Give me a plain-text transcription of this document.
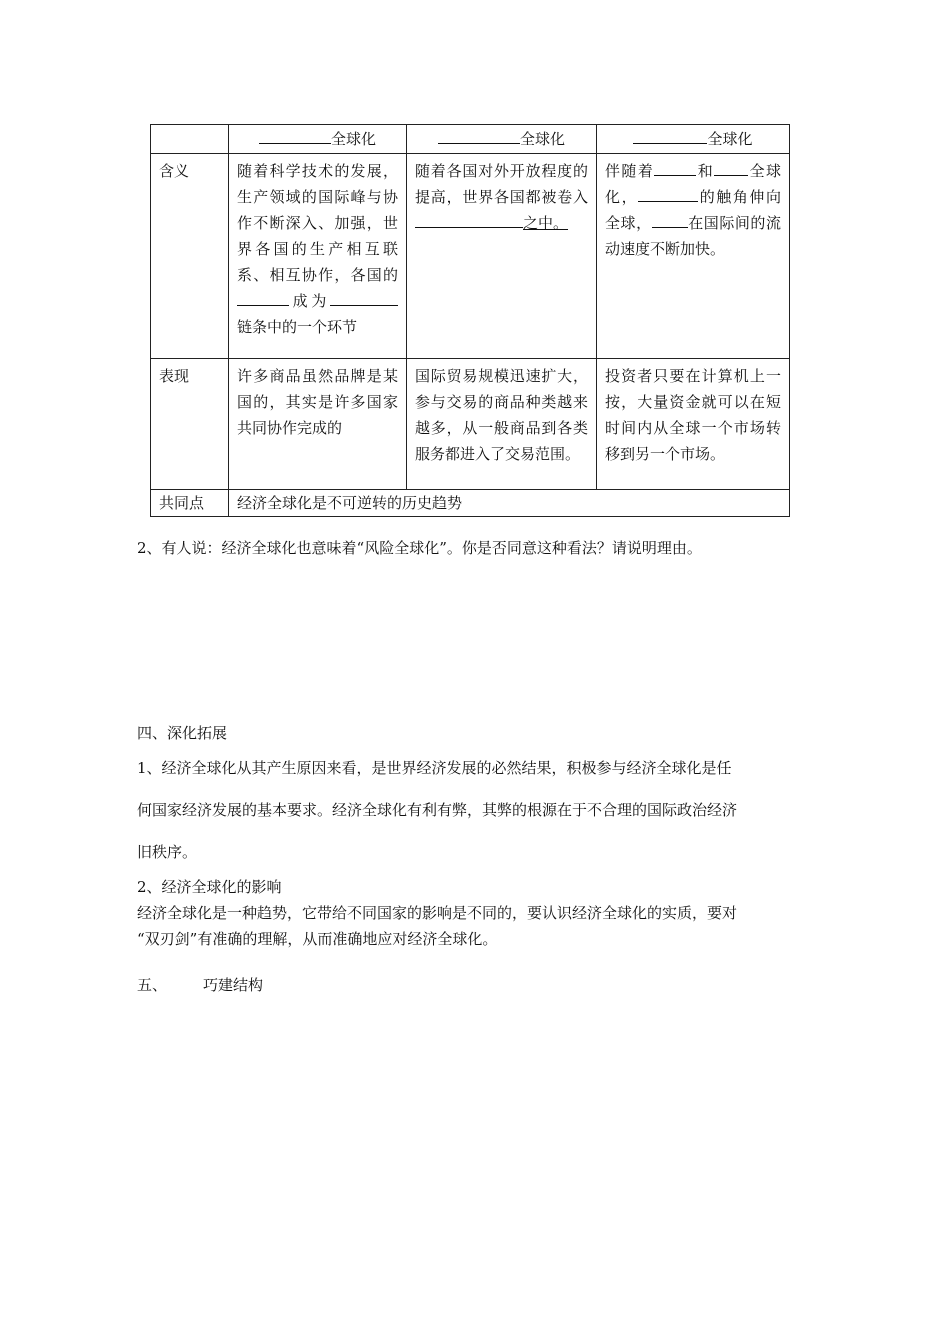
	全球化	全球化	全球化
含义	随着科学技术的发展，生产领域的国际峰与协作不断深入、加强，世界各国的生产相互联系、相互协作，各国的成为链条中的一个环节	随着各国对外开放程度的提高，世界各国都被卷入之中。	伴随着 和 全球化， 的触角伸向全球， 在国际间的流动速度不断加快。
表现	许多商品虽然品牌是某国的，其实是许多国家共同协作完成的	国际贸易规模迅速扩大，参与交易的商品种类越来越多，从一般商品到各类服务都进入了交易范围。	投资者只要在计算机上一按，大量资金就可以在短时间内从全球一个市场转移到另一个市场。
共同点	经济全球化是不可逆转的历史趋势		

2、有人说：经济全球化也意味着“风险全球化”。你是否同意这种看法？请说明理由。

四、深化拓展

1、经济全球化从其产生原因来看，是世界经济发展的必然结果，积极参与经济全球化是任

何国家经济发展的基本要求。经济全球化有利有弊，其弊的根源在于不合理的国际政治经济

旧秩序。

2、经济全球化的影响

经济全球化是一种趋势，它带给不同国家的影响是不同的，要认识经济全球化的实质，要对

“双刃剑”有准确的理解，从而准确地应对经济全球化。

五、 巧建结构
